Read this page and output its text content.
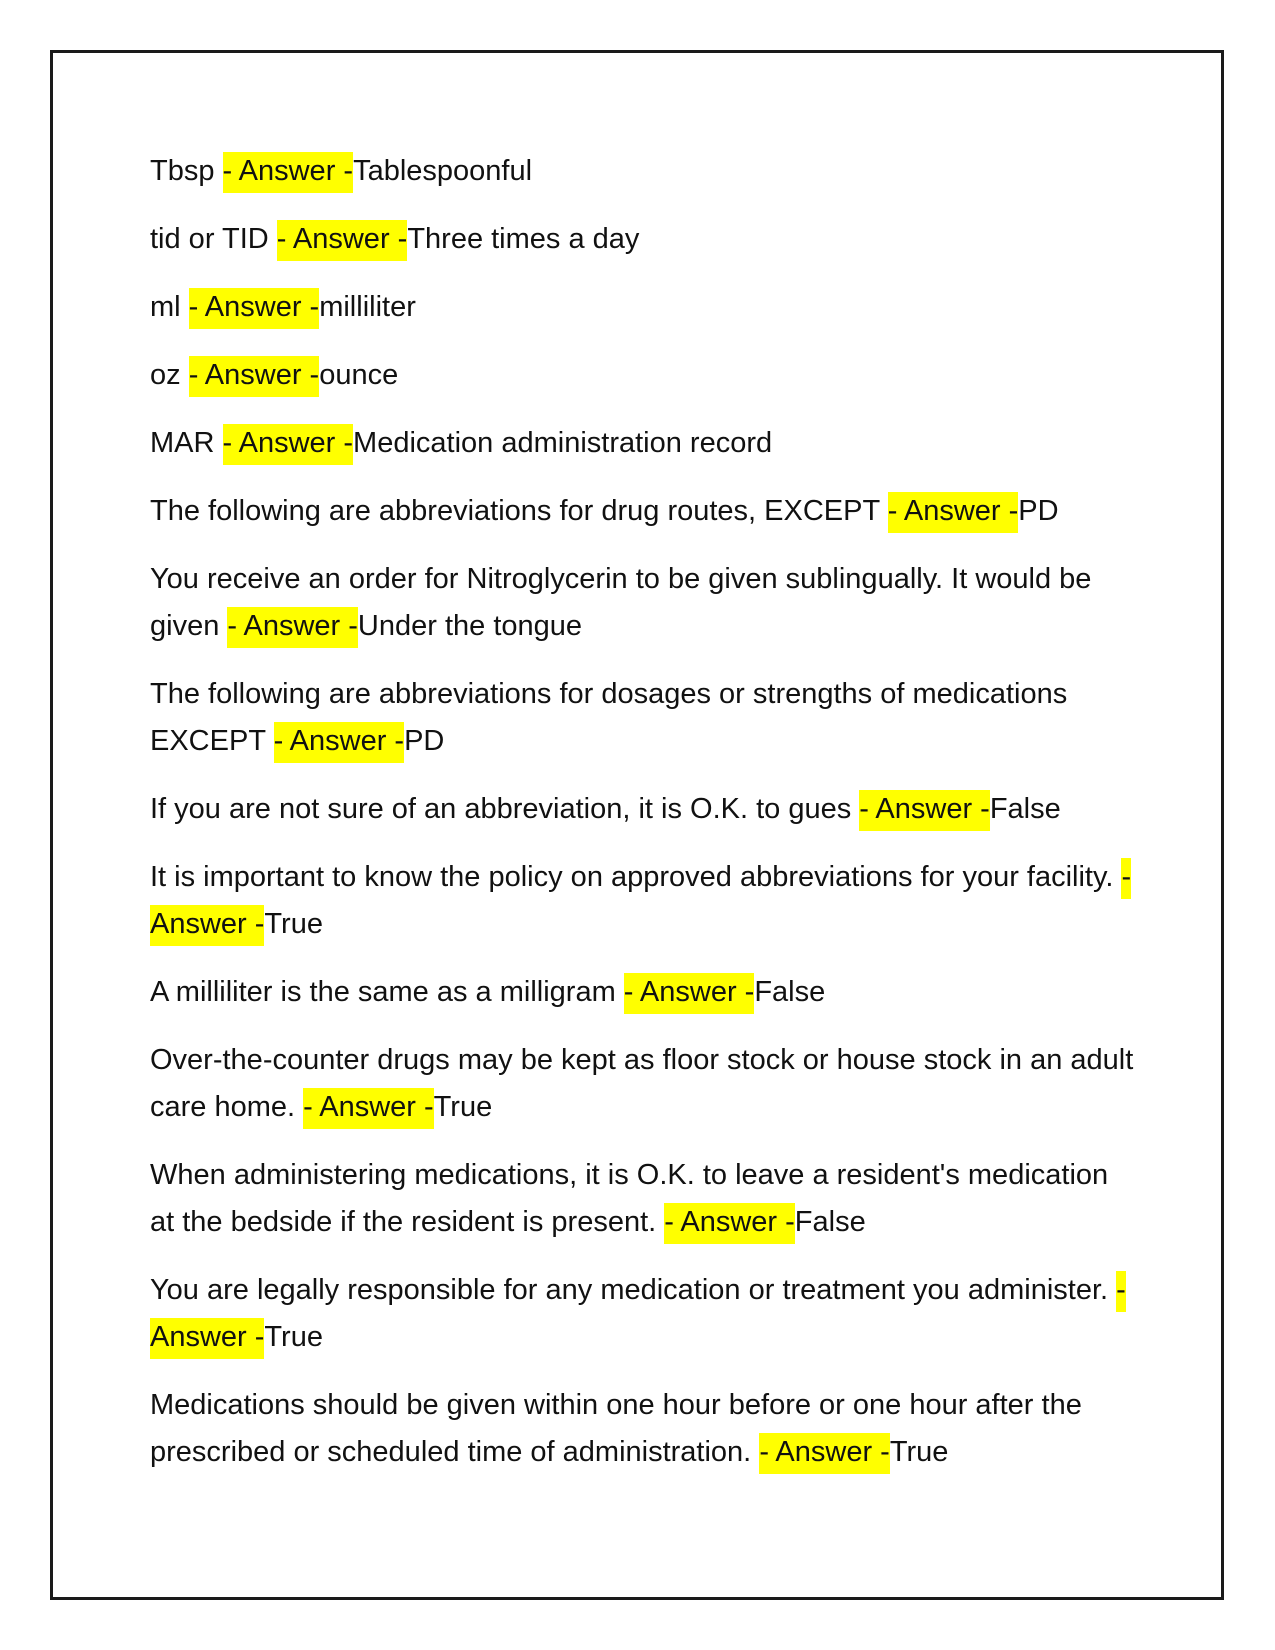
Tbsp - Answer -Tablespoonful
tid or TID - Answer -Three times a day
ml - Answer -milliliter
oz - Answer -ounce
MAR - Answer -Medication administration record
The following are abbreviations for drug routes, EXCEPT - Answer -PD
You receive an order for Nitroglycerin to be given sublingually. It would be given - Answer -Under the tongue
The following are abbreviations for dosages or strengths of medications EXCEPT - Answer -PD
If you are not sure of an abbreviation, it is O.K. to gues - Answer -False
It is important to know the policy on approved abbreviations for your facility. - Answer -True
A milliliter is the same as a milligram - Answer -False
Over-the-counter drugs may be kept as floor stock or house stock in an adult care home. - Answer -True
When administering medications, it is O.K. to leave a resident's medication at the bedside if the resident is present. - Answer -False
You are legally responsible for any medication or treatment you administer. - Answer -True
Medications should be given within one hour before or one hour after the prescribed or scheduled time of administration. - Answer -True
